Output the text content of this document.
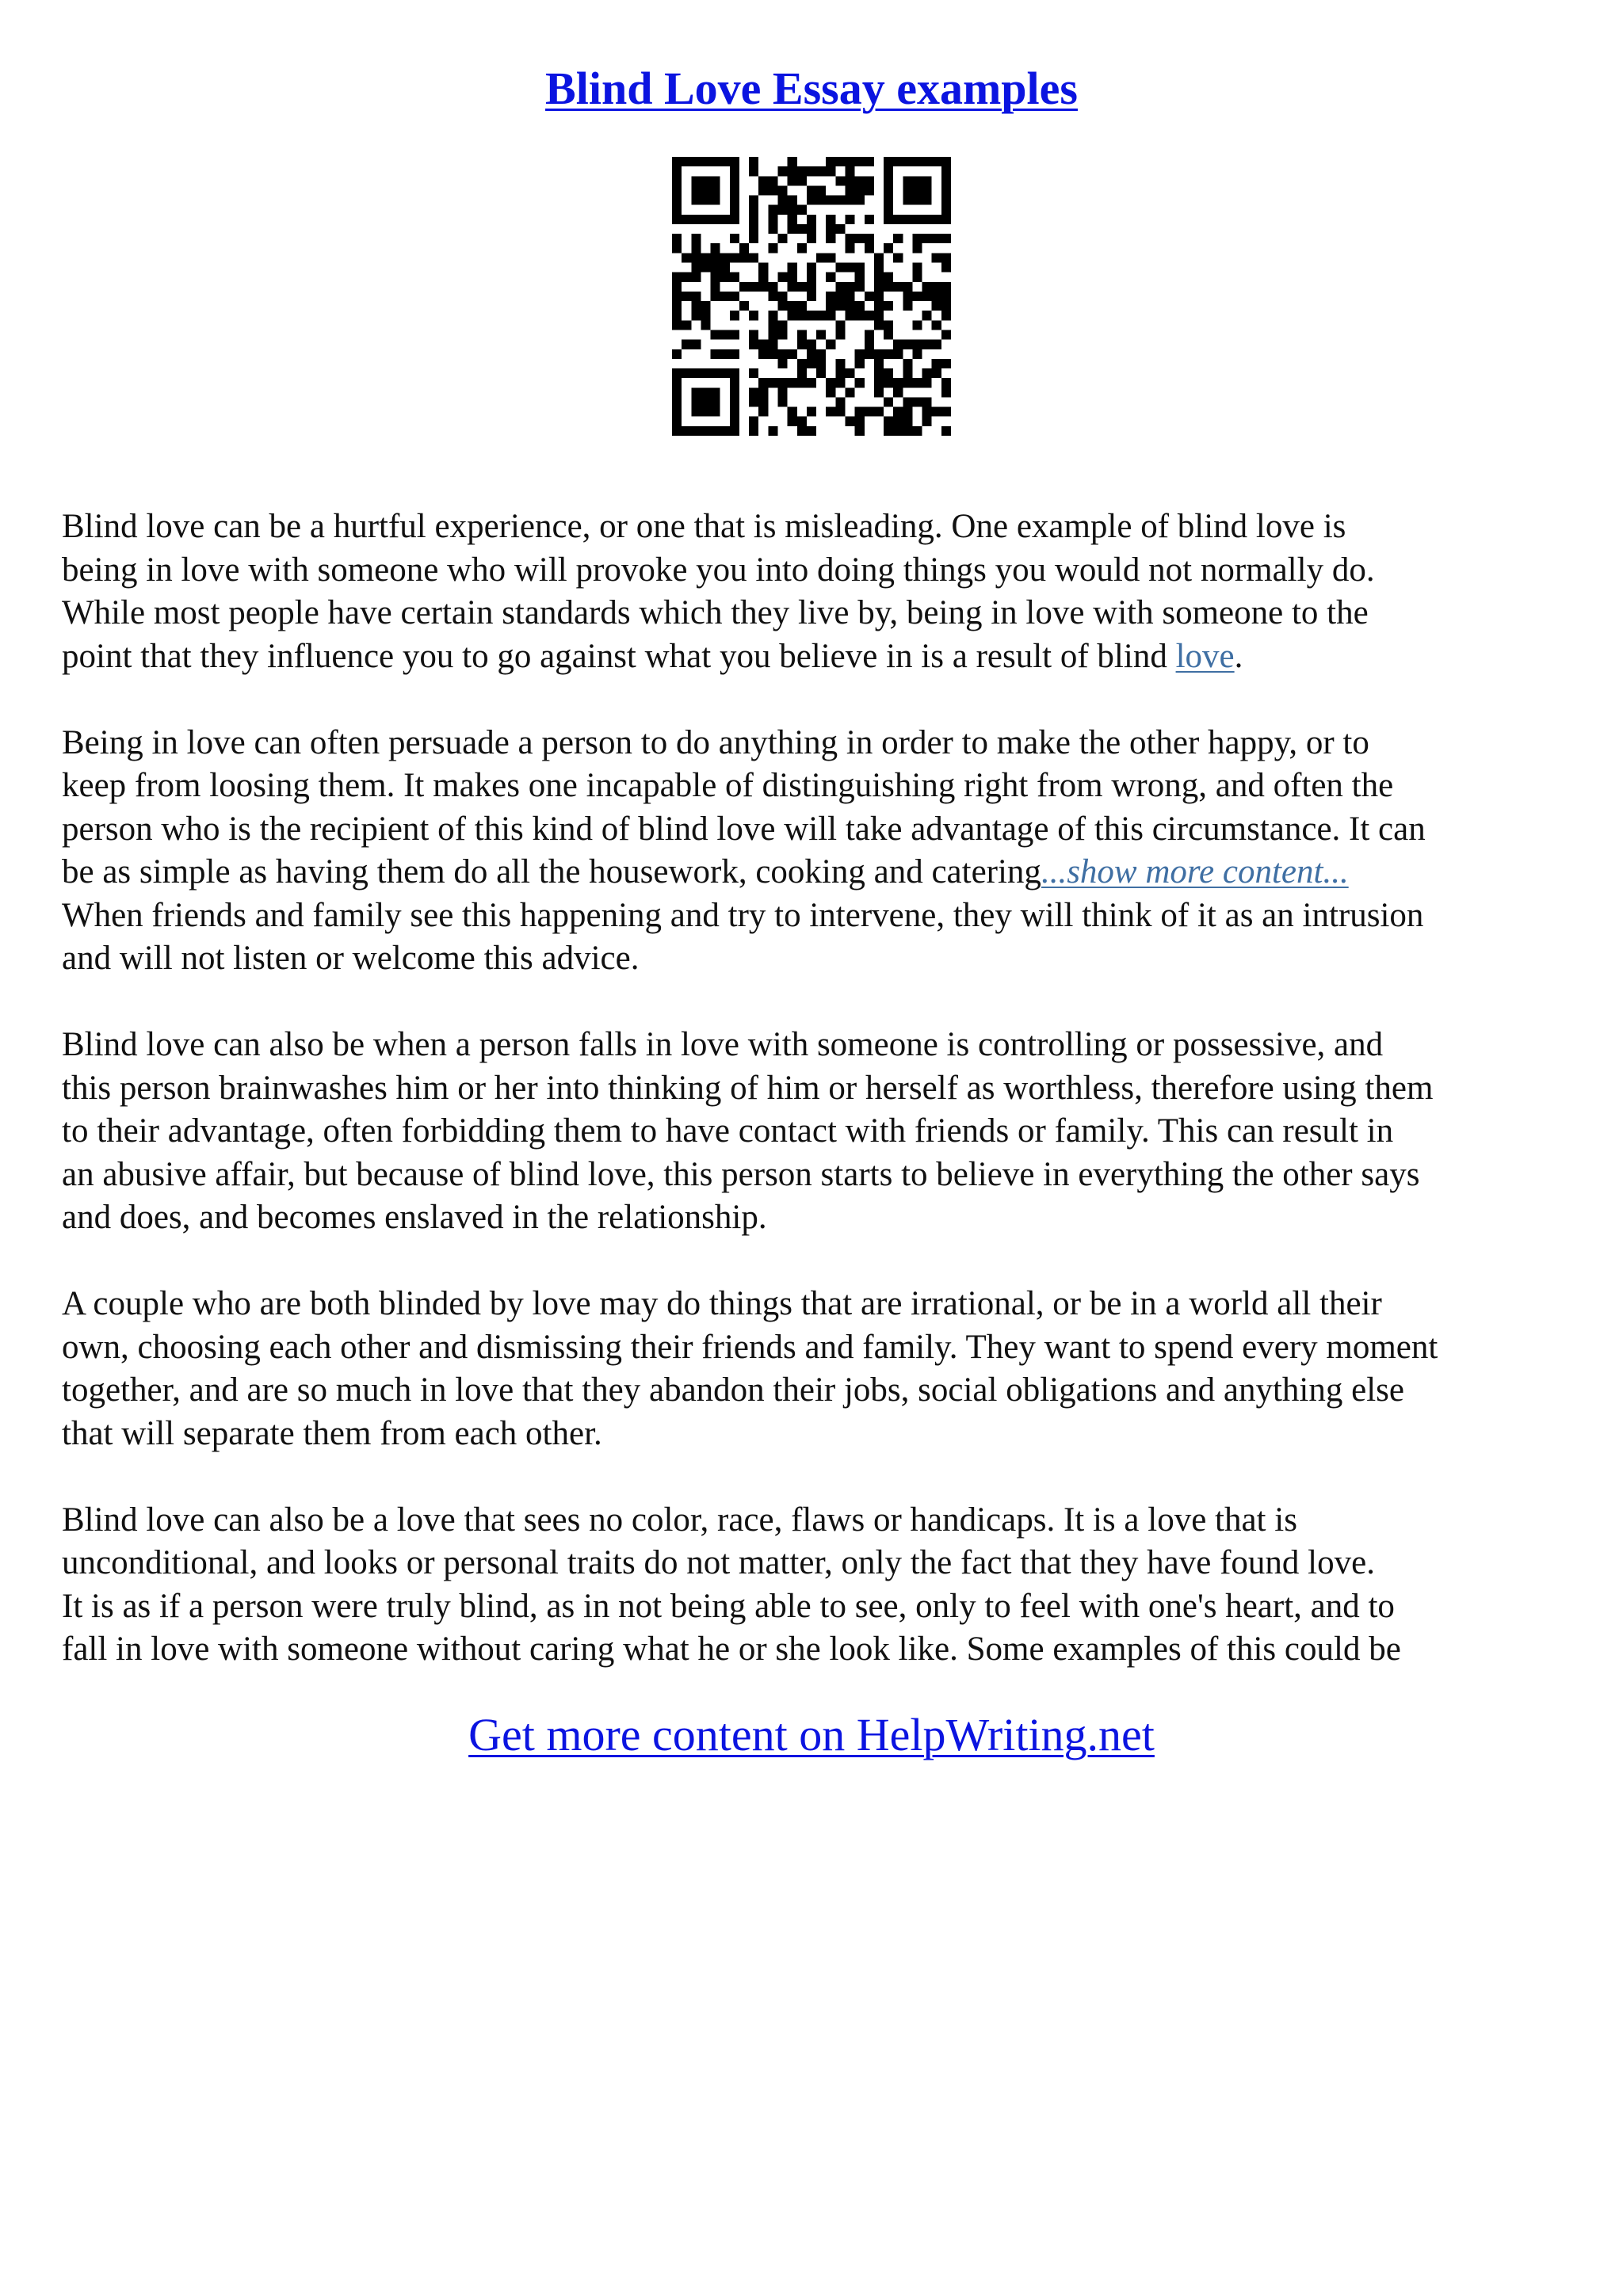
Blind Love Essay examples

Blind love can be a hurtful experience, or one that is misleading. One example of blind love is
being in love with someone who will provoke you into doing things you would not normally do.
While most people have certain standards which they live by, being in love with someone to the
point that they influence you to go against what you believe in is a result of blind love.

Being in love can often persuade a person to do anything in order to make the other happy, or to
keep from loosing them. It makes one incapable of distinguishing right from wrong, and often the
person who is the recipient of this kind of blind love will take advantage of this circumstance. It can
be as simple as having them do all the housework, cooking and catering...show more content...
When friends and family see this happening and try to intervene, they will think of it as an intrusion
and will not listen or welcome this advice.

Blind love can also be when a person falls in love with someone is controlling or possessive, and
this person brainwashes him or her into thinking of him or herself as worthless, therefore using them
to their advantage, often forbidding them to have contact with friends or family. This can result in
an abusive affair, but because of blind love, this person starts to believe in everything the other says
and does, and becomes enslaved in the relationship.

A couple who are both blinded by love may do things that are irrational, or be in a world all their
own, choosing each other and dismissing their friends and family. They want to spend every moment
together, and are so much in love that they abandon their jobs, social obligations and anything else
that will separate them from each other.

Blind love can also be a love that sees no color, race, flaws or handicaps. It is a love that is
unconditional, and looks or personal traits do not matter, only the fact that they have found love.
It is as if a person were truly blind, as in not being able to see, only to feel with one's heart, and to
fall in love with someone without caring what he or she look like. Some examples of this could be

Get more content on HelpWriting.net
